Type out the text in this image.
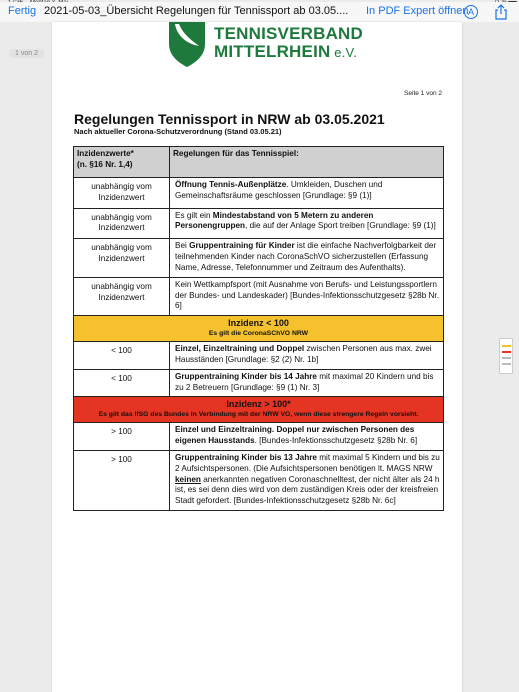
Fertig 2021-05-03_Übersicht Regelungen für Tennissport ab 03.05.... In PDF Expert öffnen A
1 von 2
TENNISVERBAND
MITTELRHEIN e.V.
Seite 1 von 2
Regelungen Tennissport in NRW ab 03.05.2021
Nach aktueller Corona-Schutzverordnung (Stand 03.05.21)
Inzidenzwerte*
(n. §16 Nr. 1,4)	Regelungen für das Tennisspiel:
unabhängig vom Inzidenzwert	Öffnung Tennis-Außenplätze. Umkleiden, Duschen und Gemeinschaftsräume geschlossen [Grundlage: §9 (1)]
unabhängig vom Inzidenzwert	Es gilt ein Mindestabstand von 5 Metern zu anderen Personengruppen, die auf der Anlage Sport treiben [Grundlage: §9 (1)]
unabhängig vom Inzidenzwert	Bei Gruppentraining für Kinder ist die einfache Nachverfolgbarkeit der teilnehmenden Kinder nach CoronaSchVO sicherzustellen (Erfassung Name, Adresse, Telefonnummer und Zeitraum des Aufenthalts).
unabhängig vom Inzidenzwert	Kein Wettkampfsport (mit Ausnahme von Berufs- und Leistungssportlern der Bundes- und Landeskader) [Bundes-Infektionsschutzgesetz §28b Nr. 6]

Inzidenz < 100
Es gilt die CoronaSChVO NRW	

< 100	Einzel, Einzeltraining und Doppel zwischen Personen aus max. zwei Hausständen [Grundlage: §2 (2) Nr. 1b]
< 100	Gruppentraining Kinder bis 14 Jahre mit maximal 20 Kindern und bis zu 2 Betreuern [Grundlage: §9 (1) Nr. 3]

Inzidenz > 100*
Es gilt das IfSG des Bundes in Verbindung mit der NRW VO, wenn diese strengere Regeln vorsieht.	

> 100	Einzel und Einzeltraining. Doppel nur zwischen Personen des eigenen Hausstands. [Bundes-Infektionsschutzgesetz §28b Nr. 6]
> 100	Gruppentraining Kinder bis 13 Jahre mit maximal 5 Kindern und bis zu 2 Aufsichtspersonen. (Die Aufsichtspersonen benötigen lt. MAGS NRW keinen anerkannten negativen Coronaschnelltest, der nicht älter als 24 h ist, es sei denn dies wird von dem zuständigen Kreis oder der kreisfreien Stadt gefordert. [Bundes-Infektionsschutzgesetz §28b Nr. 6c]
